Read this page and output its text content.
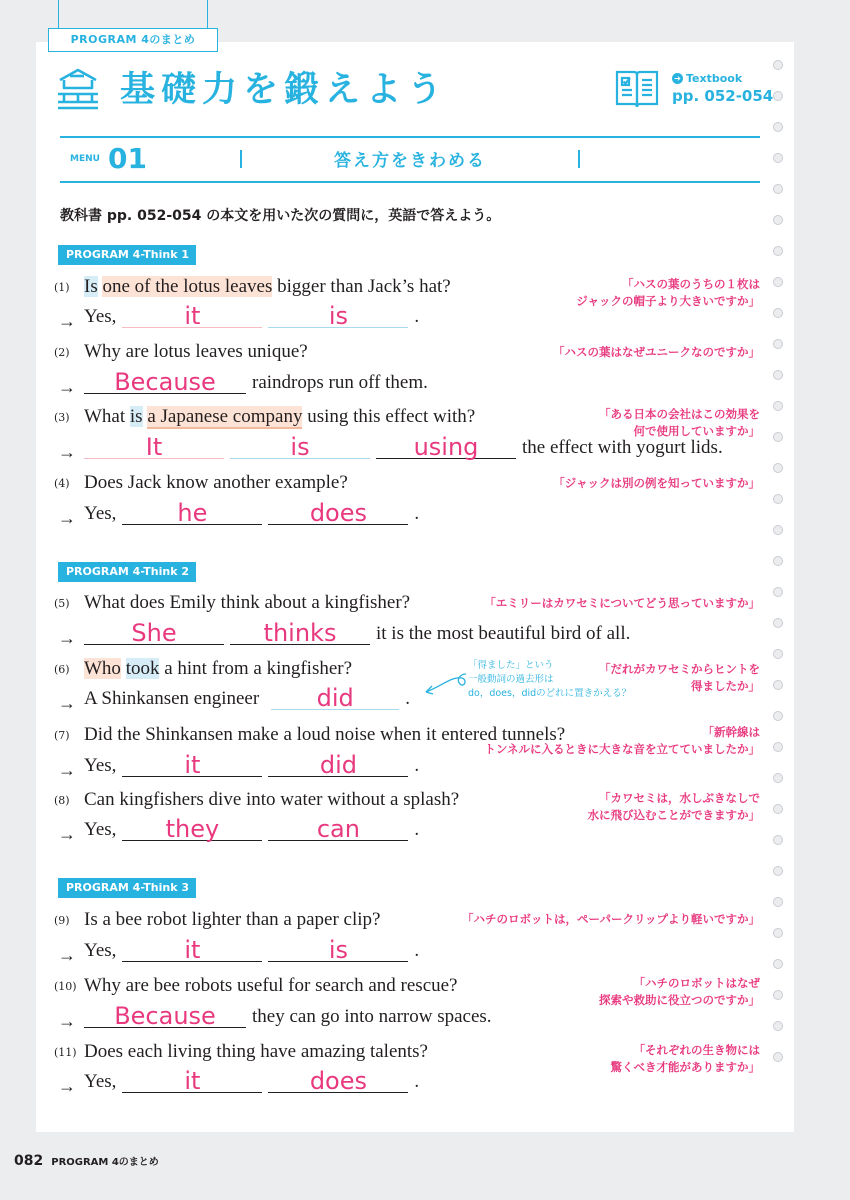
PROGRAM 4のまとめ
基礎力を鍛えよう	➔ Textbook
pp. 052-054
MENU 01	答え方をきわめる
教科書 pp. 052-054 の本文を用いた次の質問に，英語で答えよう。
PROGRAM 4-Think 1
PROGRAM 4-Think 2
PROGRAM 4-Think 3
(1) Is one of the lotus leaves bigger than Jack’s hat?	「ハスの葉のうちの１枚は
ジャックの帽子より大きいですか」
→ Yes,	it	is	.
(2) Why are lotus leaves unique?	「ハスの葉はなぜユニークなのですか」
→	Because	raindrops run off them.
(3) What is a Japanese company using this effect with?	「ある日本の会社はこの効果を
何で使用していますか」
→	It	is	using	the effect with yogurt lids.
(4) Does Jack know another example?	「ジャックは別の例を知っていますか」
→ Yes,	he	does	.
(5) What does Emily think about a kingfisher?	「エミリーはカワセミについてどう思っていますか」
→	She	thinks	it is the most beautiful bird of all.
(6) Who took a hint from a kingfisher?	「得ました」という
一般動詞の過去形は
do，does，didのどれに置きかえる？
「だれがカワセミからヒントを
得ましたか」
→ A Shinkansen engineer	did	.
(7) Did the Shinkansen make a loud noise when it entered tunnels?	「新幹線は
トンネルに入るときに大きな音を立てていましたか」
→ Yes,	it	did	.
(8) Can kingfishers dive into water without a splash?	「カワセミは，水しぶきなしで
水に飛び込むことができますか」
→ Yes,	they	can	.
(9) Is a bee robot lighter than a paper clip?	「ハチのロボットは，ペーパークリップより軽いですか」
→ Yes,	it	is	.
(10) Why are bee robots useful for search and rescue?	「ハチのロボットはなぜ
探索や救助に役立つのですか」
→	Because	they can go into narrow spaces.
(11) Does each living thing have amazing talents?	「それぞれの生き物には
驚くべき才能がありますか」
→ Yes,	it	does	.
082 PROGRAM 4のまとめ
